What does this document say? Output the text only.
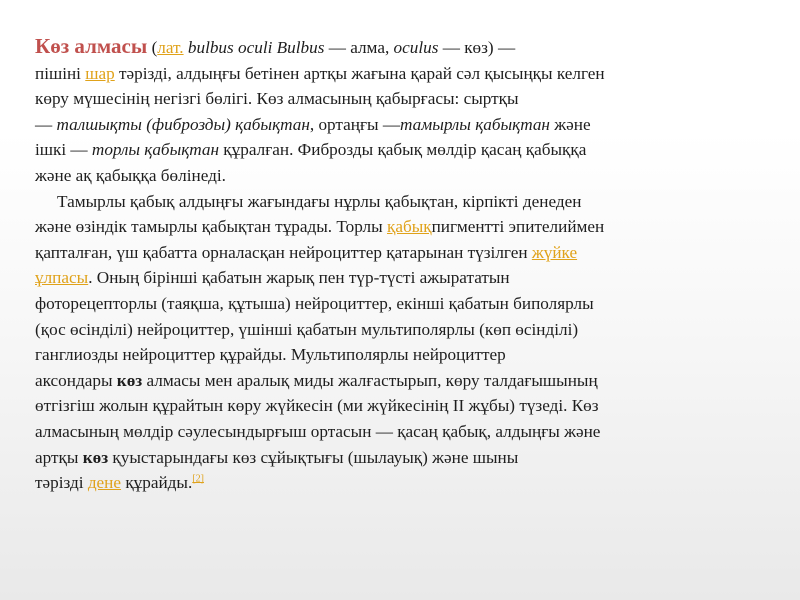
Көз алмасы (лат. bulbus oculi Bulbus — алма, oculus — көз) —
пішіні шар тәрізді, алдыңғы бетінен артқы жағына қарай сәл қысыңқы келген
көру мүшесінің негізгі бөлігі. Көз алмасының қабырғасы: сыртқы
— талшықты (фиброзды) қабықтан, ортаңғы —тамырлы қабықтан және
ішкі — торлы қабықтан құралған. Фиброзды қабық мөлдір қасаң қабыққа
және ақ қабыққа бөлінеді.
Тамырлы қабық алдыңғы жағындағы нұрлы қабықтан, кірпікті денеден
және өзіндік тамырлы қабықтан тұрады. Торлы қабықпигментті эпителиймен
қапталған, үш қабатта орналасқан нейроциттер қатарынан түзілген жүйке
ұлпасы. Оның бірінші қабатын жарық пен түр-түсті ажырататын
фоторецепторлы (таяқша, құтыша) нейроциттер, екінші қабатын биполярлы
(қос өсінділі) нейроциттер, үшінші қабатын мультиполярлы (көп өсінділі)
ганглиозды нейроциттер құрайды. Мультиполярлы нейроциттер
аксондары көз алмасы мен аралық миды жалғастырып, көру талдағышының
өтгізгіш жолын құрайтын көру жүйкесін (ми жүйкесінің ІІ жұбы) түзеді. Көз
алмасының мөлдір сәулесындырғыш ортасын — қасаң қабық, алдыңғы және
артқы көз қуыстарындағы көз сұйықтығы (шылауық) және шыны
тәрізді дене құрайды.[2]
